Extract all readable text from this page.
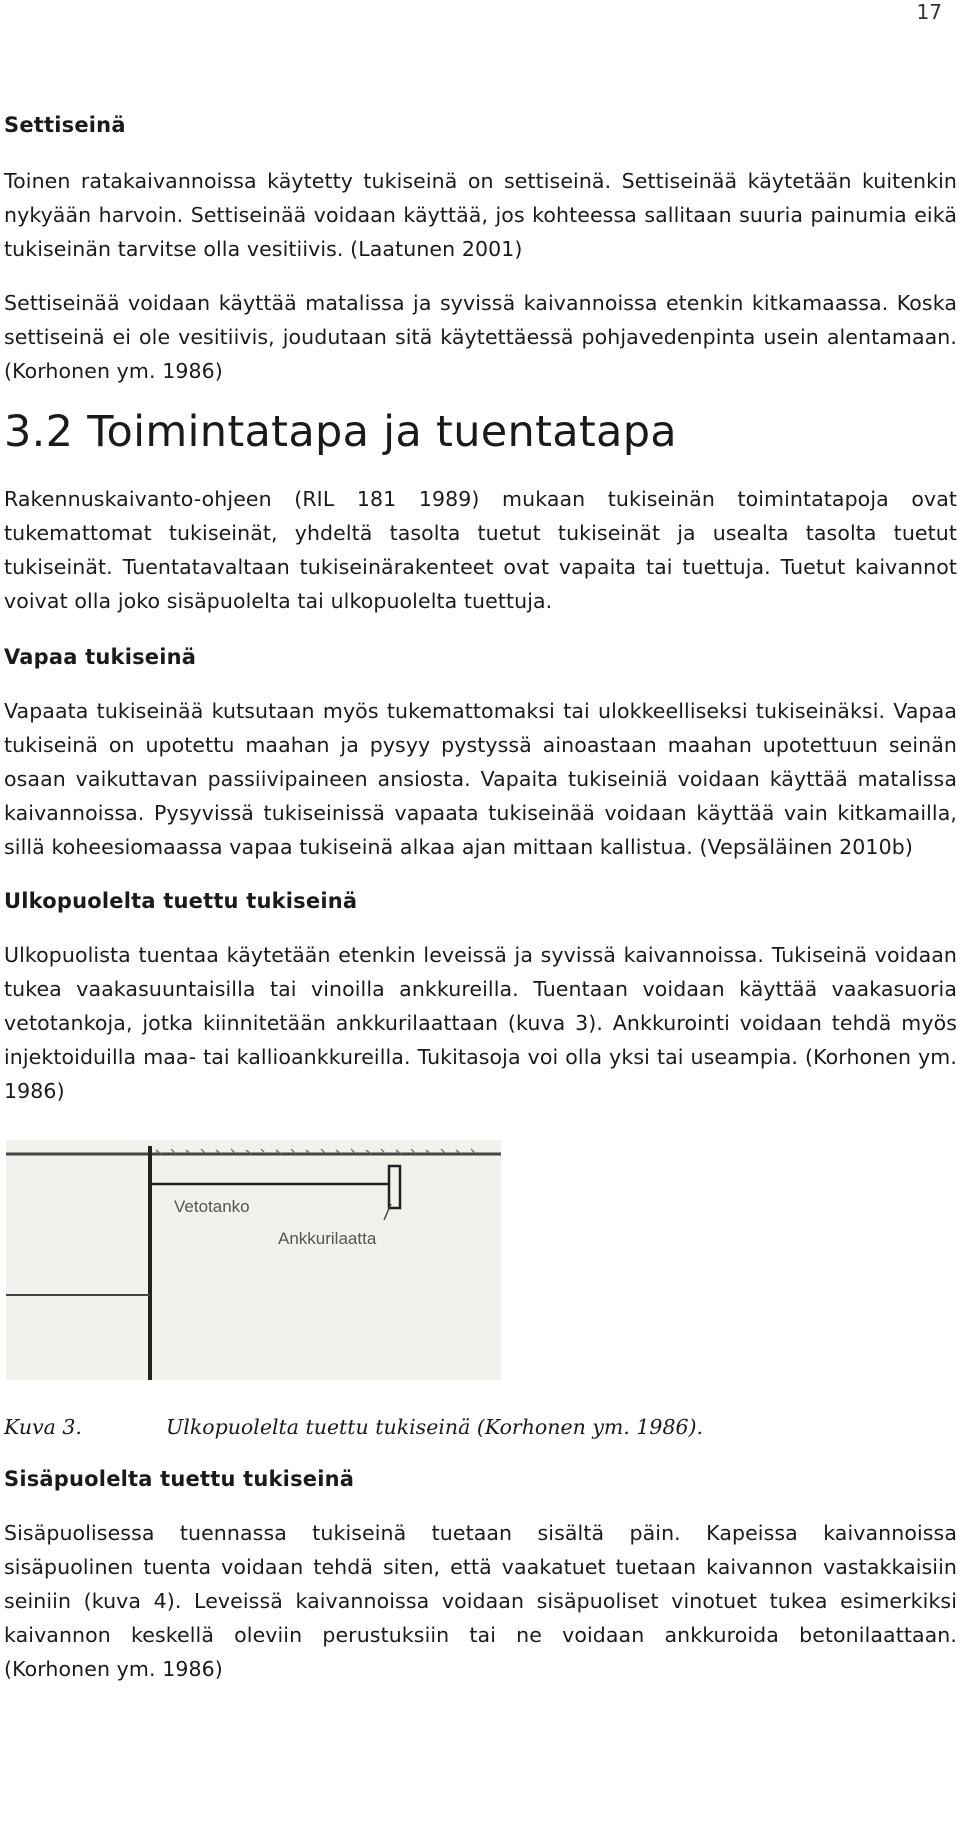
17
Settiseinä

Toinen ratakaivannoissa käytetty tukiseinä on settiseinä. Settiseinää käytetään kuitenkin nykyään harvoin. Settiseinää voidaan käyttää, jos kohteessa sallitaan suuria painumia eikä tukiseinän tarvitse olla vesitiivis. (Laatunen 2001)

Settiseinää voidaan käyttää matalissa ja syvissä kaivannoissa etenkin kitkamaassa. Koska settiseinä ei ole vesitiivis, joudutaan sitä käytettäessä pohjavedenpinta usein alentamaan. (Korhonen ym. 1986)

3.2 Toimintatapa ja tuentatapa

Rakennuskaivanto-ohjeen (RIL 181 1989) mukaan tukiseinän toimintatapoja ovat tukemattomat tukiseinät, yhdeltä tasolta tuetut tukiseinät ja usealta tasolta tuetut tukiseinät. Tuentatavaltaan tukiseinärakenteet ovat vapaita tai tuettuja. Tuetut kaivannot voivat olla joko sisäpuolelta tai ulkopuolelta tuettuja.

Vapaa tukiseinä

Vapaata tukiseinää kutsutaan myös tukemattomaksi tai ulokkeelliseksi tukiseinäksi. Vapaa tukiseinä on upotettu maahan ja pysyy pystyssä ainoastaan maahan upotettuun seinän osaan vaikuttavan passiivipaineen ansiosta. Vapaita tukiseiniä voidaan käyttää matalissa kaivannoissa. Pysyvissä tukiseinissä vapaata tukiseinää voidaan käyttää vain kitkamailla, sillä koheesiomaassa vapaa tukiseinä alkaa ajan mittaan kallistua. (Vepsäläinen 2010b)

Ulkopuolelta tuettu tukiseinä

Ulkopuolista tuentaa käytetään etenkin leveissä ja syvissä kaivannoissa. Tukiseinä voidaan tukea vaakasuuntaisilla tai vinoilla ankkureilla. Tuentaan voidaan käyttää vaakasuoria vetotankoja, jotka kiinnitetään ankkurilaattaan (kuva 3). Ankkurointi voidaan tehdä myös injektoiduilla maa- tai kallioankkureilla. Tukitasoja voi olla yksi tai useampia. (Korhonen ym. 1986)

Vetotanko
Ankkurilaatta
Kuva 3.	Ulkopuolelta tuettu tukiseinä (Korhonen ym. 1986).
Sisäpuolelta tuettu tukiseinä

Sisäpuolisessa tuennassa tukiseinä tuetaan sisältä päin. Kapeissa kaivannoissa sisäpuolinen tuenta voidaan tehdä siten, että vaakatuet tuetaan kaivannon vastakkaisiin seiniin (kuva 4). Leveissä kaivannoissa voidaan sisäpuoliset vinotuet tukea esimerkiksi kaivannon keskellä oleviin perustuksiin tai ne voidaan ankkuroida betonilaattaan. (Korhonen ym. 1986)
